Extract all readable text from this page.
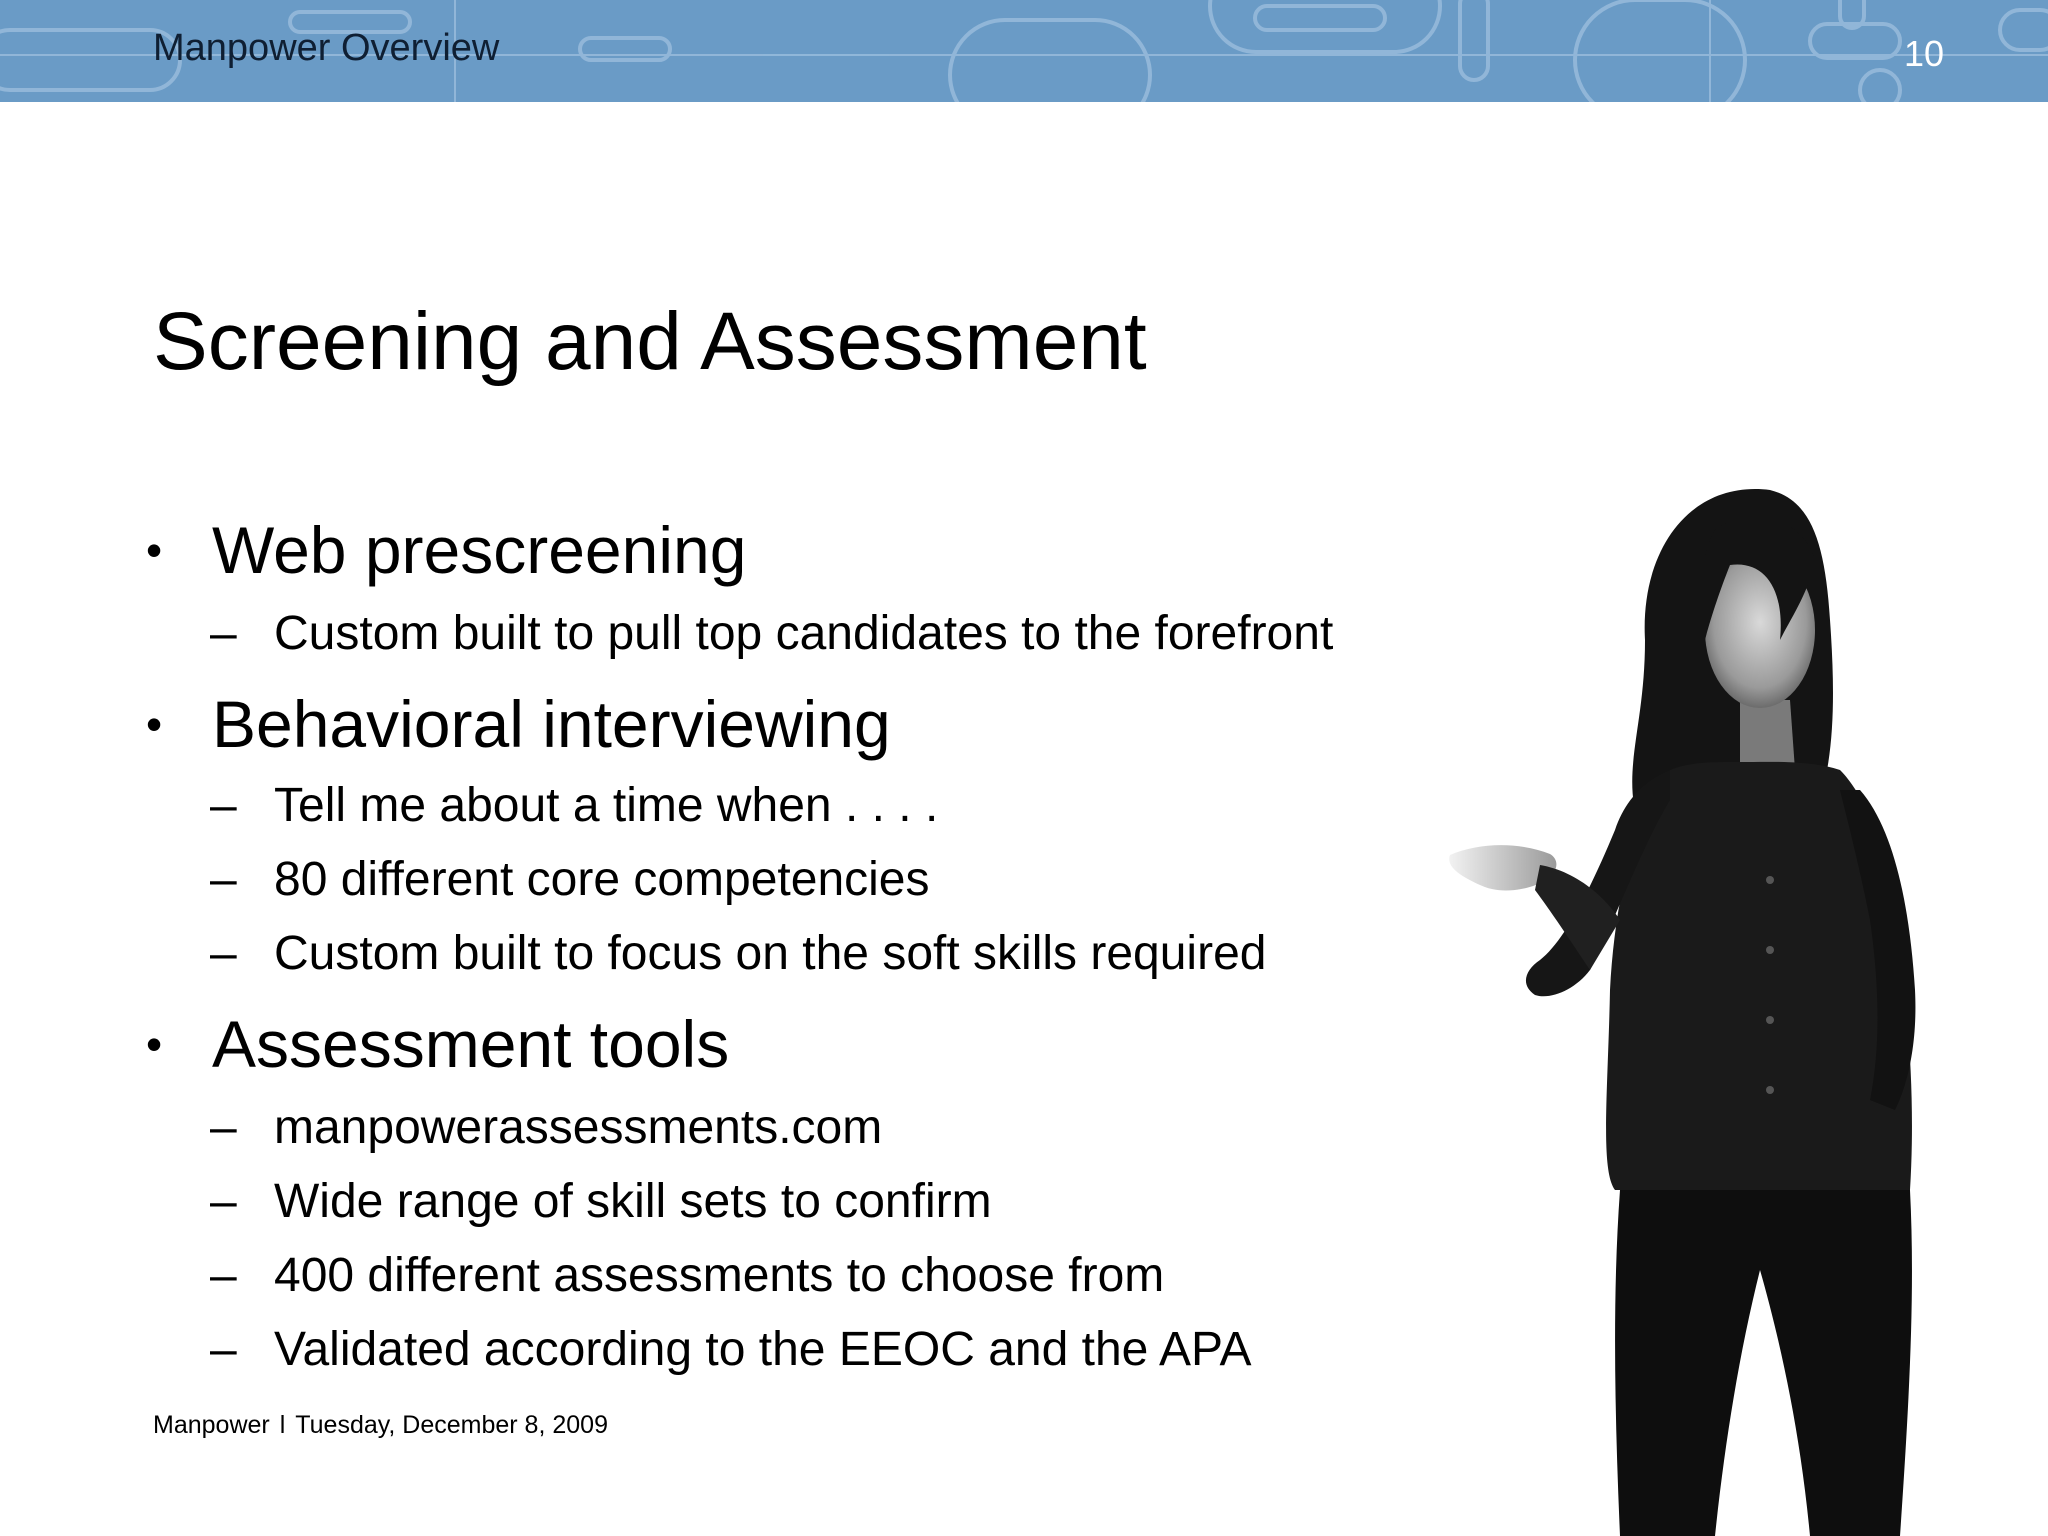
Manpower Overview	10
Screening and Assessment
• Web prescreening
– Custom built to pull top candidates to the forefront
• Behavioral interviewing
– Tell me about a time when . . . .
– 80 different core competencies
– Custom built to focus on the soft skills required
• Assessment tools
– manpowerassessments.com
– Wide range of skill sets to confirm
– 400 different assessments to choose from
– Validated according to the EEOC and the APA
Manpower l Tuesday, December 8, 2009
